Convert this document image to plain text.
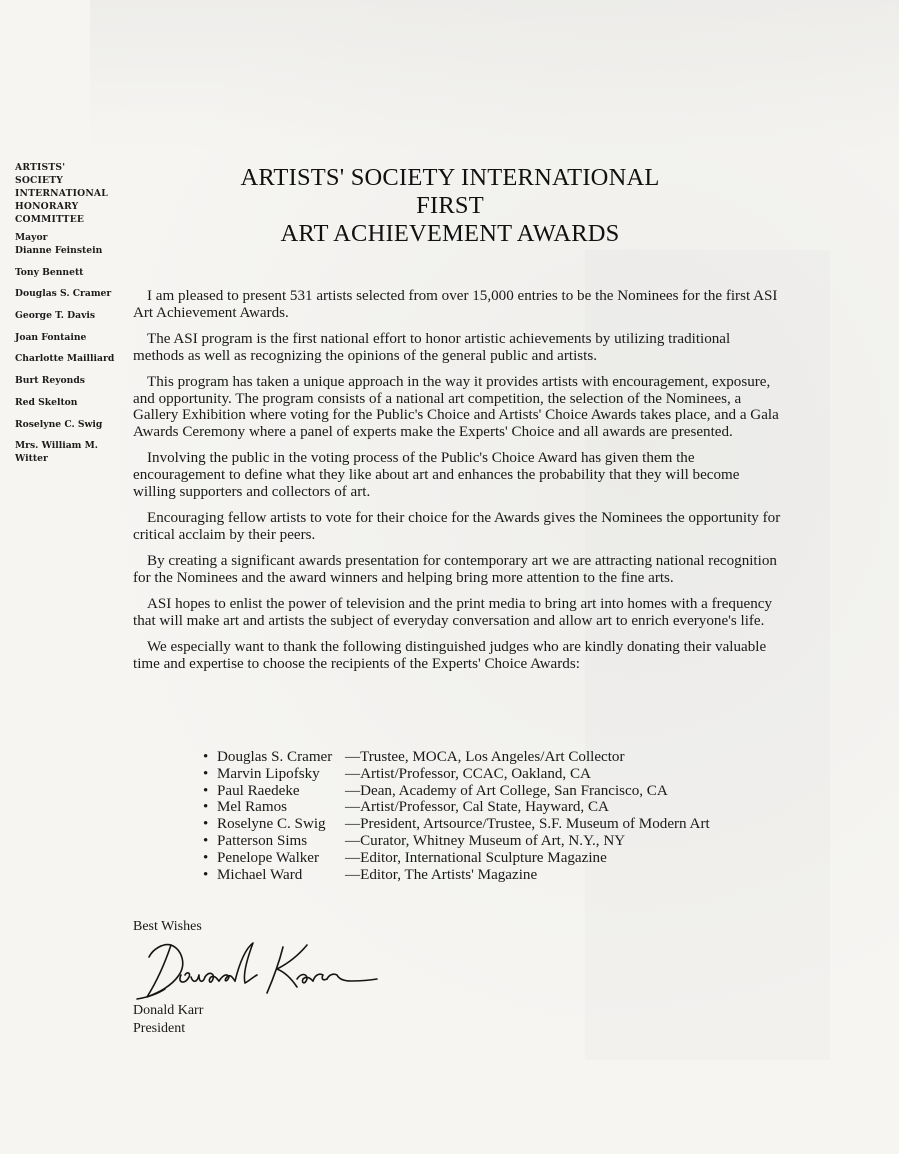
ARTISTS'
SOCIETY
INTERNATIONAL
HONORARY
COMMITTEE
Mayor
Dianne Feinstein
Tony Bennett
Douglas S. Cramer
George T. Davis
Joan Fontaine
Charlotte Mailliard
Burt Reyonds
Red Skelton
Roselyne C. Swig
Mrs. William M. Witter
ARTISTS' SOCIETY INTERNATIONAL
FIRST
ART ACHIEVEMENT AWARDS

I am pleased to present 531 artists selected from over 15,000 entries to be the Nominees for the first ASI Art Achievement Awards.

The ASI program is the first national effort to honor artistic achievements by utilizing traditional methods as well as recognizing the opinions of the general public and artists.

This program has taken a unique approach in the way it provides artists with encouragement, exposure, and opportunity. The program consists of a national art competition, the selection of the Nominees, a Gallery Exhibition where voting for the Public's Choice and Artists' Choice Awards takes place, and a Gala Awards Ceremony where a panel of experts make the Experts' Choice and all awards are presented.

Involving the public in the voting process of the Public's Choice Award has given them the encouragement to define what they like about art and enhances the probability that they will become willing supporters and collectors of art.

Encouraging fellow artists to vote for their choice for the Awards gives the Nominees the opportunity for critical acclaim by their peers.

By creating a significant awards presentation for contemporary art we are attracting national recognition for the Nominees and the award winners and helping bring more attention to the fine arts.

ASI hopes to enlist the power of television and the print media to bring art into homes with a frequency that will make art and artists the subject of everyday conversation and allow art to enrich everyone's life.

We especially want to thank the following distinguished judges who are kindly donating their valuable time and expertise to choose the recipients of the Experts' Choice Awards:

• Douglas S. Cramer —Trustee, MOCA, Los Angeles/Art Collector
• Marvin Lipofsky	—Artist/Professor, CCAC, Oakland, CA
• Paul Raedeke	—Dean, Academy of Art College, San Francisco, CA
• Mel Ramos	—Artist/Professor, Cal State, Hayward, CA
• Roselyne C. Swig	—President, Artsource/Trustee, S.F. Museum of Modern Art
• Patterson Sims	—Curator, Whitney Museum of Art, N.Y., NY
• Penelope Walker	—Editor, International Sculpture Magazine
• Michael Ward	—Editor, The Artists' Magazine
Best Wishes
Donald Karr
President
